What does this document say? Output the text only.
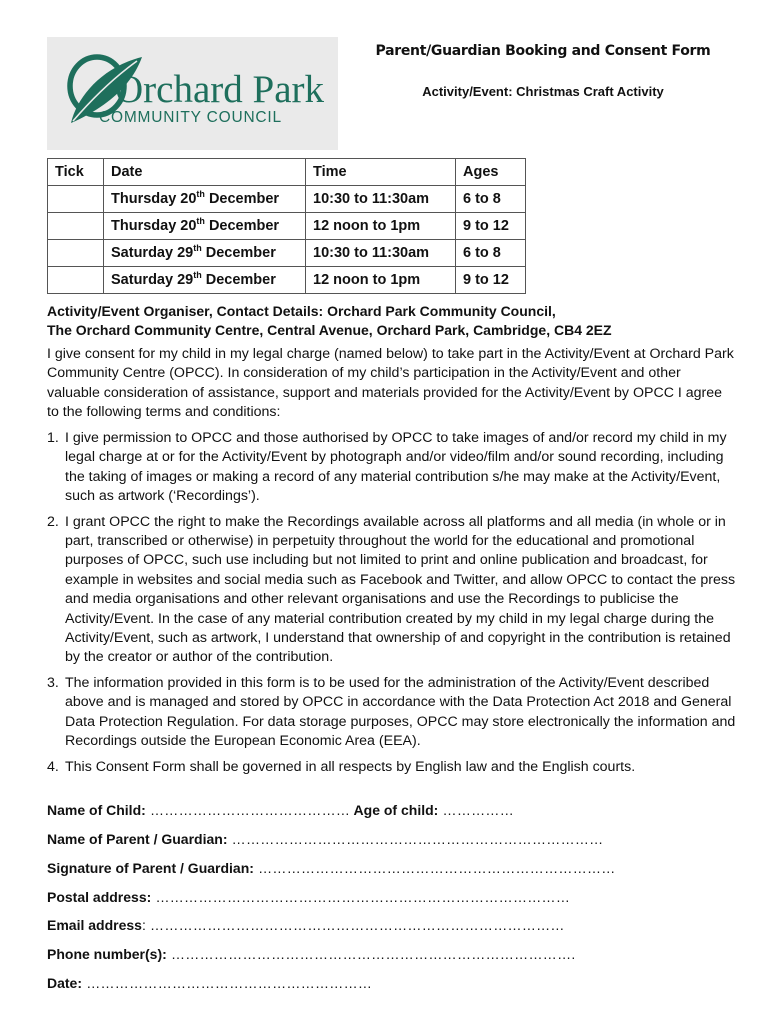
Orchard Park
COMMUNITY COUNCIL
Parent/Guardian Booking and Consent Form
Activity/Event: Christmas Craft Activity
Tick	Date	Time	Ages
	Thursday 20th December	10:30 to 11:30am	6 to 8
	Thursday 20th December	12 noon to 1pm	9 to 12
	Saturday 29th December	10:30 to 11:30am	6 to 8
	Saturday 29th December	12 noon to 1pm	9 to 12
Activity/Event Organiser, Contact Details: Orchard Park Community Council,
The Orchard Community Centre, Central Avenue, Orchard Park, Cambridge, CB4 2EZ
I give consent for my child in my legal charge (named below) to take part in the Activity/Event at Orchard Park Community Centre (OPCC). In consideration of my child’s participation in the Activity/Event and other valuable consideration of assistance, support and materials provided for the Activity/Event by OPCC I agree to the following terms and conditions:
1. I give permission to OPCC and those authorised by OPCC to take images of and/or record my child in my legal charge at or for the Activity/Event by photograph and/or video/film and/or sound recording, including the taking of images or making a record of any material contribution s/he may make at the Activity/Event, such as artwork (‘Recordings’).
2. I grant OPCC the right to make the Recordings available across all platforms and all media (in whole or in part, transcribed or otherwise) in perpetuity throughout the world for the educational and promotional purposes of OPCC, such use including but not limited to print and online publication and broadcast, for example in websites and social media such as Facebook and Twitter, and allow OPCC to contact the press and media organisations and other relevant organisations and use the Recordings to publicise the Activity/Event. In the case of any material contribution created by my child in my legal charge during the Activity/Event, such as artwork, I understand that ownership of and copyright in the contribution is retained by the creator or author of the contribution.
3. The information provided in this form is to be used for the administration of the Activity/Event described above and is managed and stored by OPCC in accordance with the Data Protection Act 2018 and General Data Protection Regulation. For data storage purposes, OPCC may store electronically the information and Recordings outside the European Economic Area (EEA).
4. This Consent Form shall be governed in all respects by English law and the English courts.
Name of Child: …………………………………… Age of child: ……………
Name of Parent / Guardian: ……………………………………………………………………
Signature of Parent / Guardian: …………………………………………………………………
Postal address: ……………………………………………………………………………
Email address: ……………………………………………………………………………
Phone number(s): ………………………………………………………………………….
Date: ……………………………………………………
